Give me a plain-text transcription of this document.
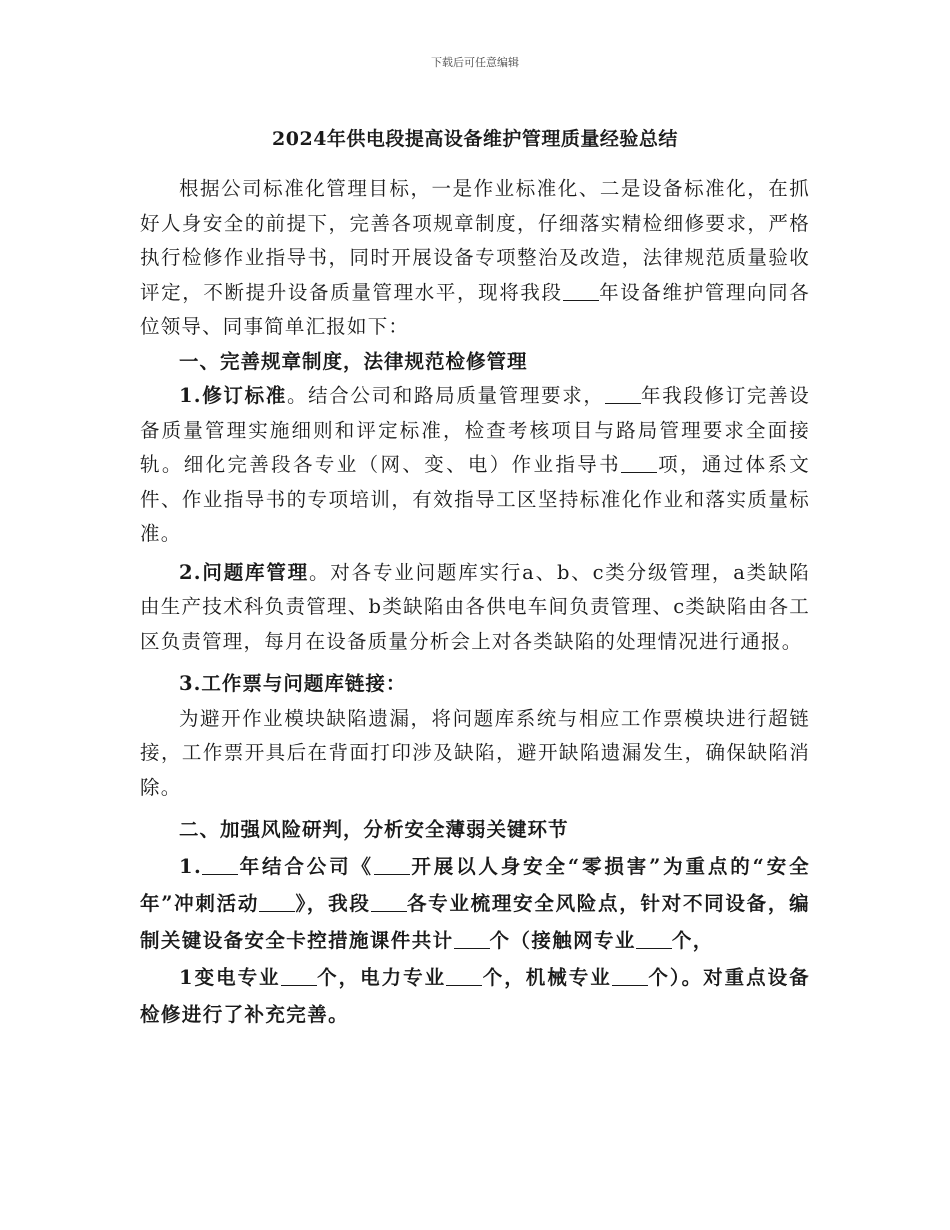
下载后可任意编辑
2024年供电段提高设备维护管理质量经验总结

根据公司标准化管理目标，一是作业标准化、二是设备标准化，在抓好人身安全的前提下，完善各项规章制度，仔细落实精检细修要求，严格执行检修作业指导书，同时开展设备专项整治及改造，法律规范质量验收评定，不断提升设备质量管理水平，现将我段 年设备维护管理向同各位领导、同事简单汇报如下：

一、完善规章制度，法律规范检修管理

1.修订标准。结合公司和路局质量管理要求， 年我段修订完善设备质量管理实施细则和评定标准，检查考核项目与路局管理要求全面接轨。细化完善段各专业（网、变、电）作业指导书 项，通过体系文件、作业指导书的专项培训，有效指导工区坚持标准化作业和落实质量标准。

2.问题库管理。对各专业问题库实行a、b、c类分级管理，a类缺陷由生产技术科负责管理、b类缺陷由各供电车间负责管理、c类缺陷由各工区负责管理，每月在设备质量分析会上对各类缺陷的处理情况进行通报。

3.工作票与问题库链接：

为避开作业模块缺陷遗漏，将问题库系统与相应工作票模块进行超链接，工作票开具后在背面打印涉及缺陷，避开缺陷遗漏发生，确保缺陷消除。

二、加强风险研判，分析安全薄弱关键环节

1. 年结合公司《 开展以人身安全“零损害”为重点的“安全年”冲刺活动 》，我段 各专业梳理安全风险点，针对不同设备，编制关键设备安全卡控措施课件共计 个（接触网专业 个，

1变电专业 个，电力专业 个，机械专业 个）。对重点设备检修进行了补充完善。
